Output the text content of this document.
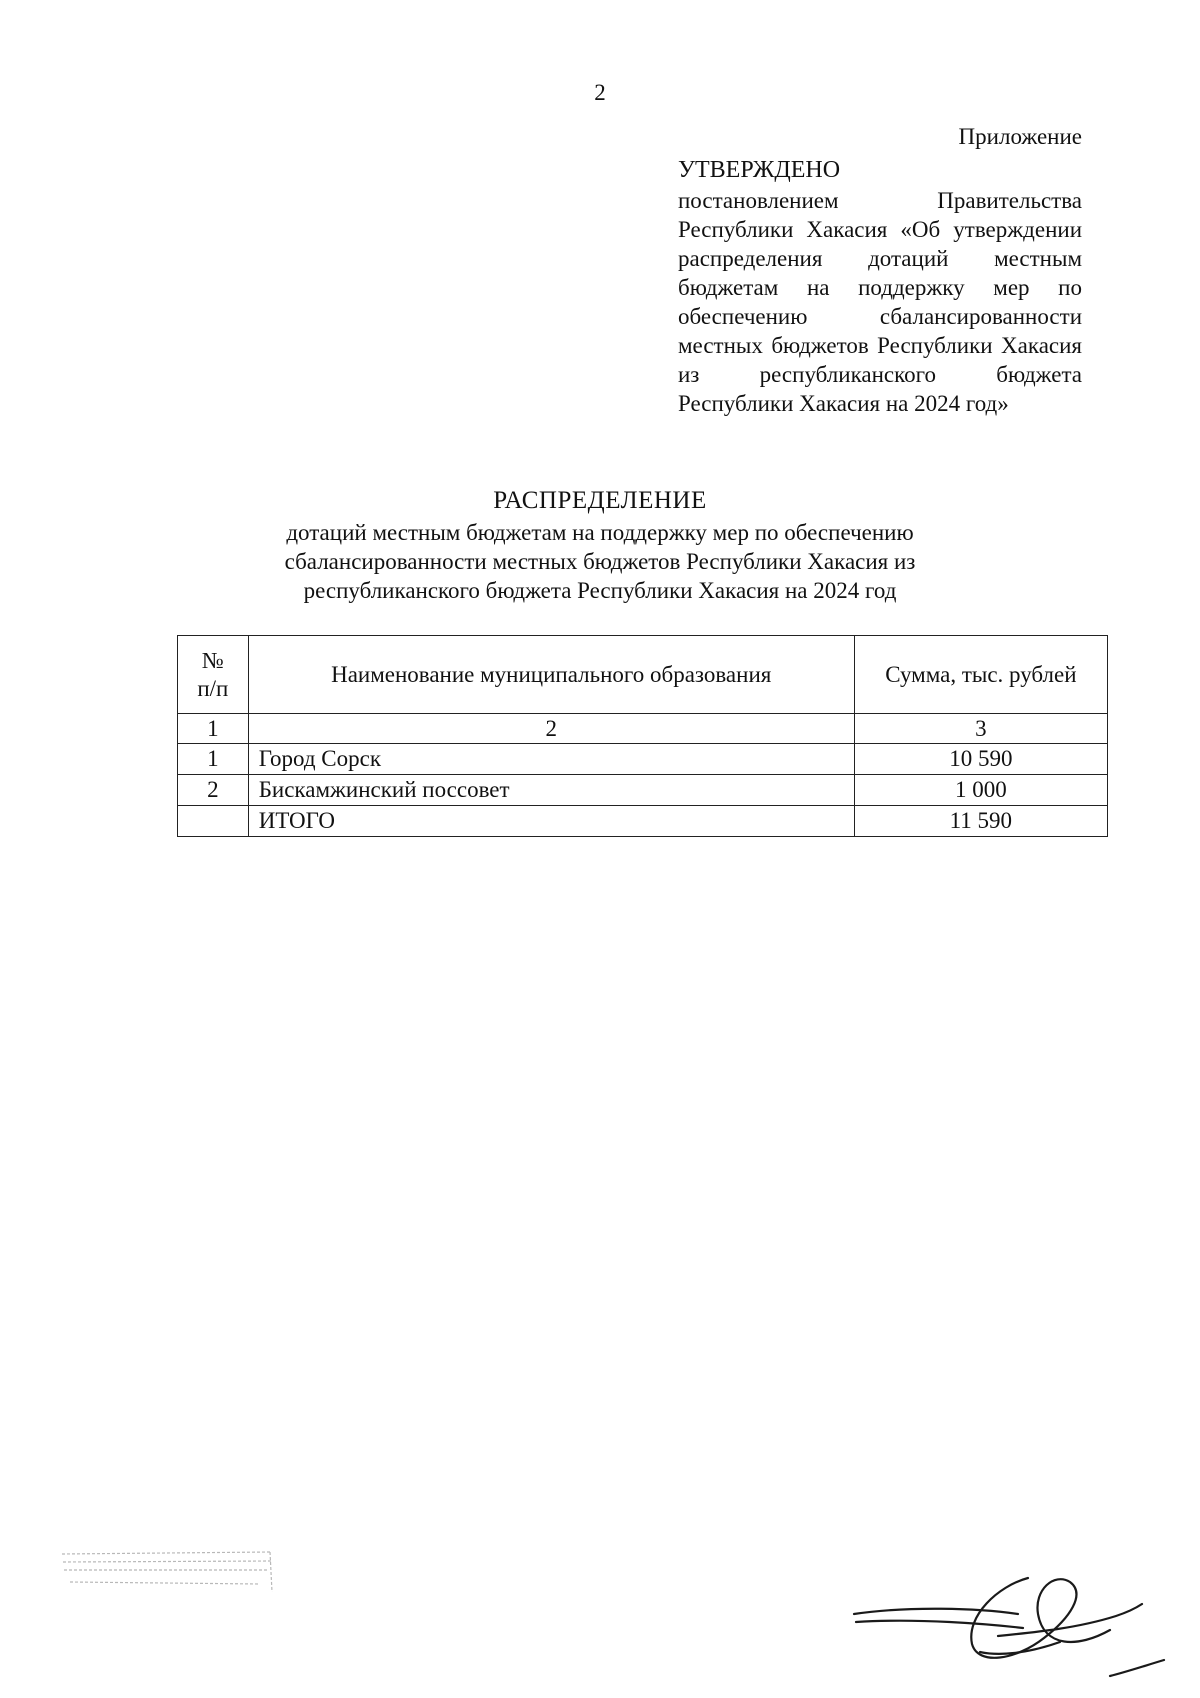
2
Приложение
УТВЕРЖДЕНО
постановлением Правительства Республики Хакасия «Об утверждении распределения дотаций местным бюджетам на поддержку мер по обеспечению сбалансированности местных бюджетов Республики Хакасия из республиканского бюджета Республики Хакасия на 2024 год»
РАСПРЕДЕЛЕНИЕ
дотаций местным бюджетам на поддержку мер по обеспечению сбалансированности местных бюджетов Республики Хакасия из республиканского бюджета Республики Хакасия на 2024 год
№ п/п	Наименование муниципального образования	Сумма, тыс. рублей
1	2	3
1	Город Сорск	10 590
2	Бискамжинский поссовет	1 000
	ИТОГО	11 590
